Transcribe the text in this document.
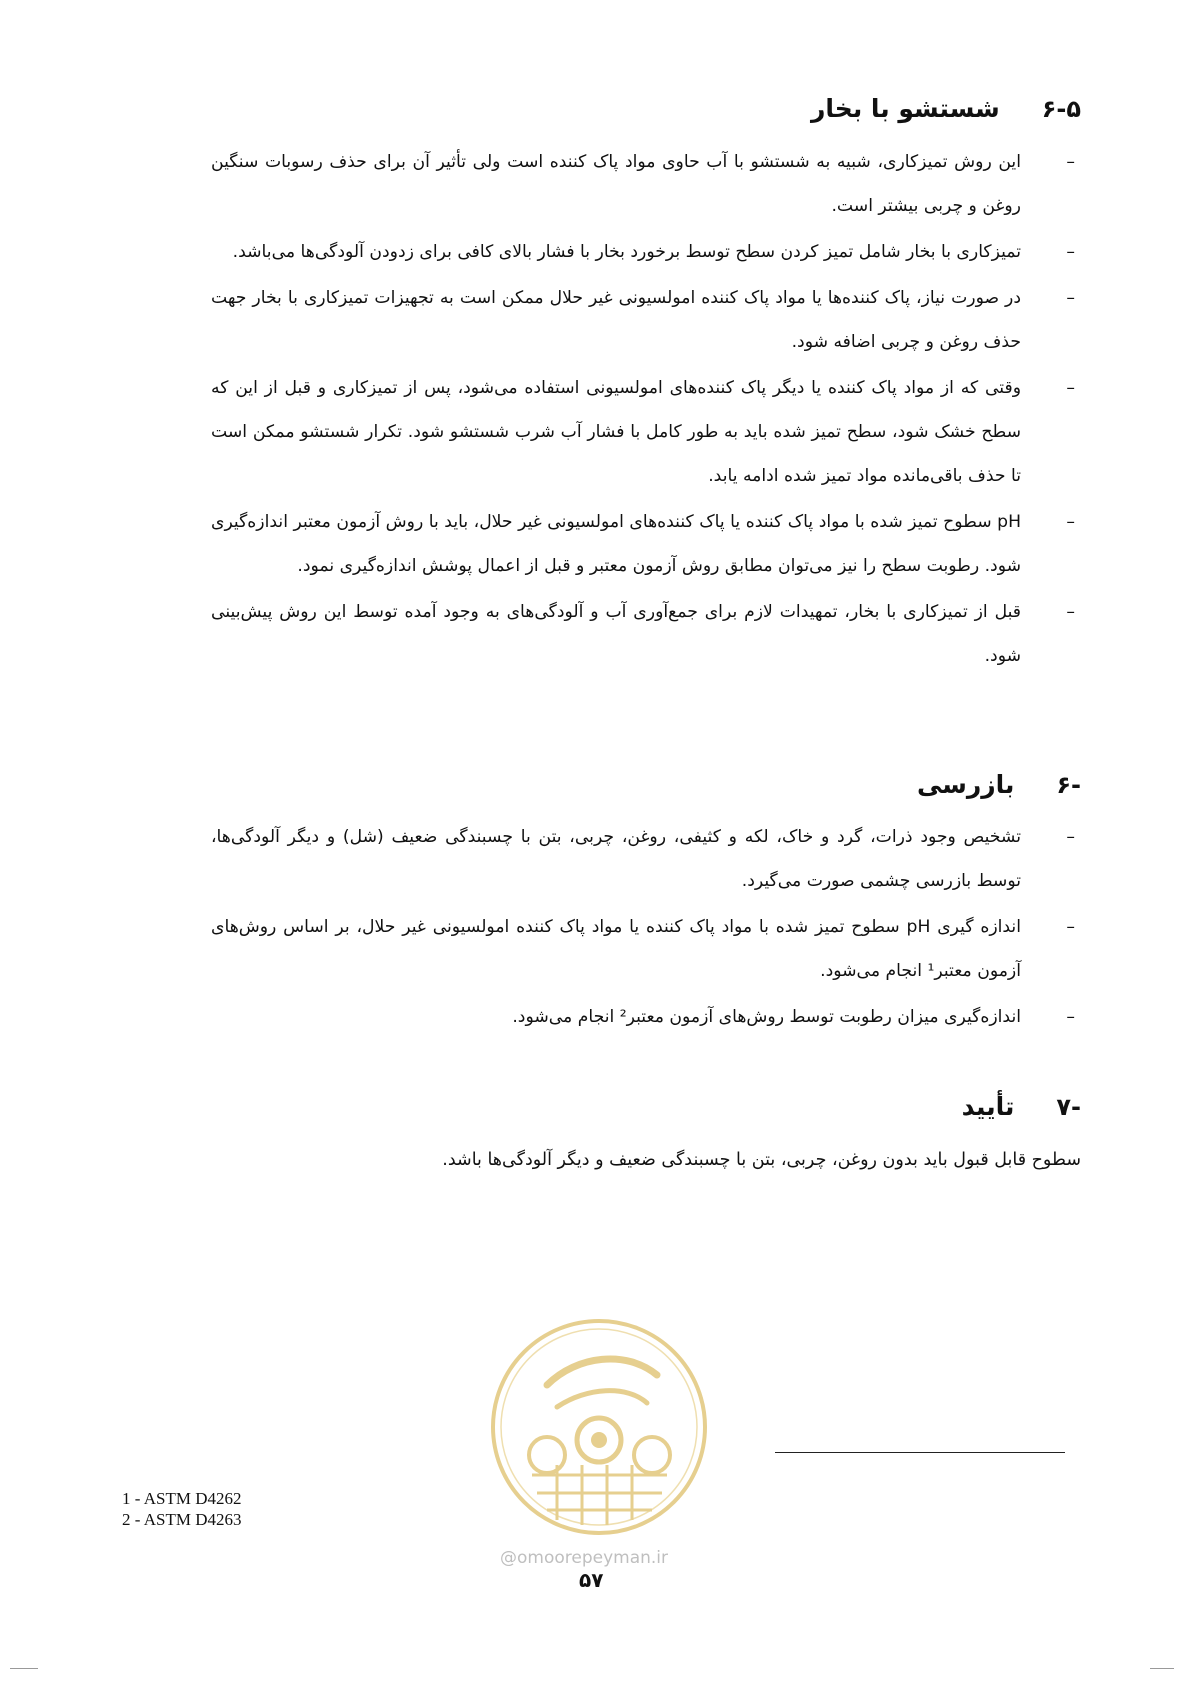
۶-۵
شستشو با بخار
–
این روش تمیزکاری، شبیه به شستشو با آب حاوی مواد پاک کننده است ولی تأثیر آن برای حذف رسوبات سنگین روغن و چربی بیشتر است.
–
تمیزکاری با بخار شامل تمیز کردن سطح توسط برخورد بخار با فشار بالای کافی برای زدودن آلودگی‌ها می‌باشد.
–
در صورت نیاز، پاک کننده‌ها یا مواد پاک کننده امولسیونی غیر حلال ممکن است به تجهیزات تمیزکاری با بخار جهت حذف روغن و چربی اضافه شود.
–
وقتی که از مواد پاک کننده یا دیگر پاک کننده‌های امولسیونی استفاده می‌شود، پس از تمیزکاری و قبل از این که سطح خشک شود، سطح تمیز شده باید به طور کامل با فشار آب شرب شستشو شود. تکرار شستشو ممکن است تا حذف باقی‌مانده مواد تمیز شده ادامه یابد.
–
pH سطوح تمیز شده با مواد پاک کننده یا پاک کننده‌های امولسیونی غیر حلال، باید با روش آزمون معتبر اندازه‌گیری شود. رطوبت سطح را نیز می‌توان مطابق روش آزمون معتبر و قبل از اعمال پوشش اندازه‌گیری نمود.
–
قبل از تمیزکاری با بخار، تمهیدات لازم برای جمع‌آوری آب و آلودگی‌های به وجود آمده توسط این روش پیش‌بینی شود.
-۶
بازرسی
–
تشخیص وجود ذرات، گرد و خاک، لکه و کثیفی، روغن، چربی، بتن با چسبندگی ضعیف (شل) و دیگر آلودگی‌ها، توسط بازرسی چشمی صورت می‌گیرد.
–
اندازه گیری pH سطوح تمیز شده با مواد پاک کننده یا مواد پاک کننده امولسیونی غیر حلال، بر اساس روش‌های آزمون معتبر¹ انجام می‌شود.
–
اندازه‌گیری میزان رطوبت توسط روش‌های آزمون معتبر² انجام می‌شود.
-۷
تأیید
سطوح قابل قبول باید بدون روغن، چربی، بتن با چسبندگی ضعیف و دیگر آلودگی‌ها باشد.
1 - ASTM D4262
2 - ASTM D4263
@omoorepeyman.ir
۵۷
